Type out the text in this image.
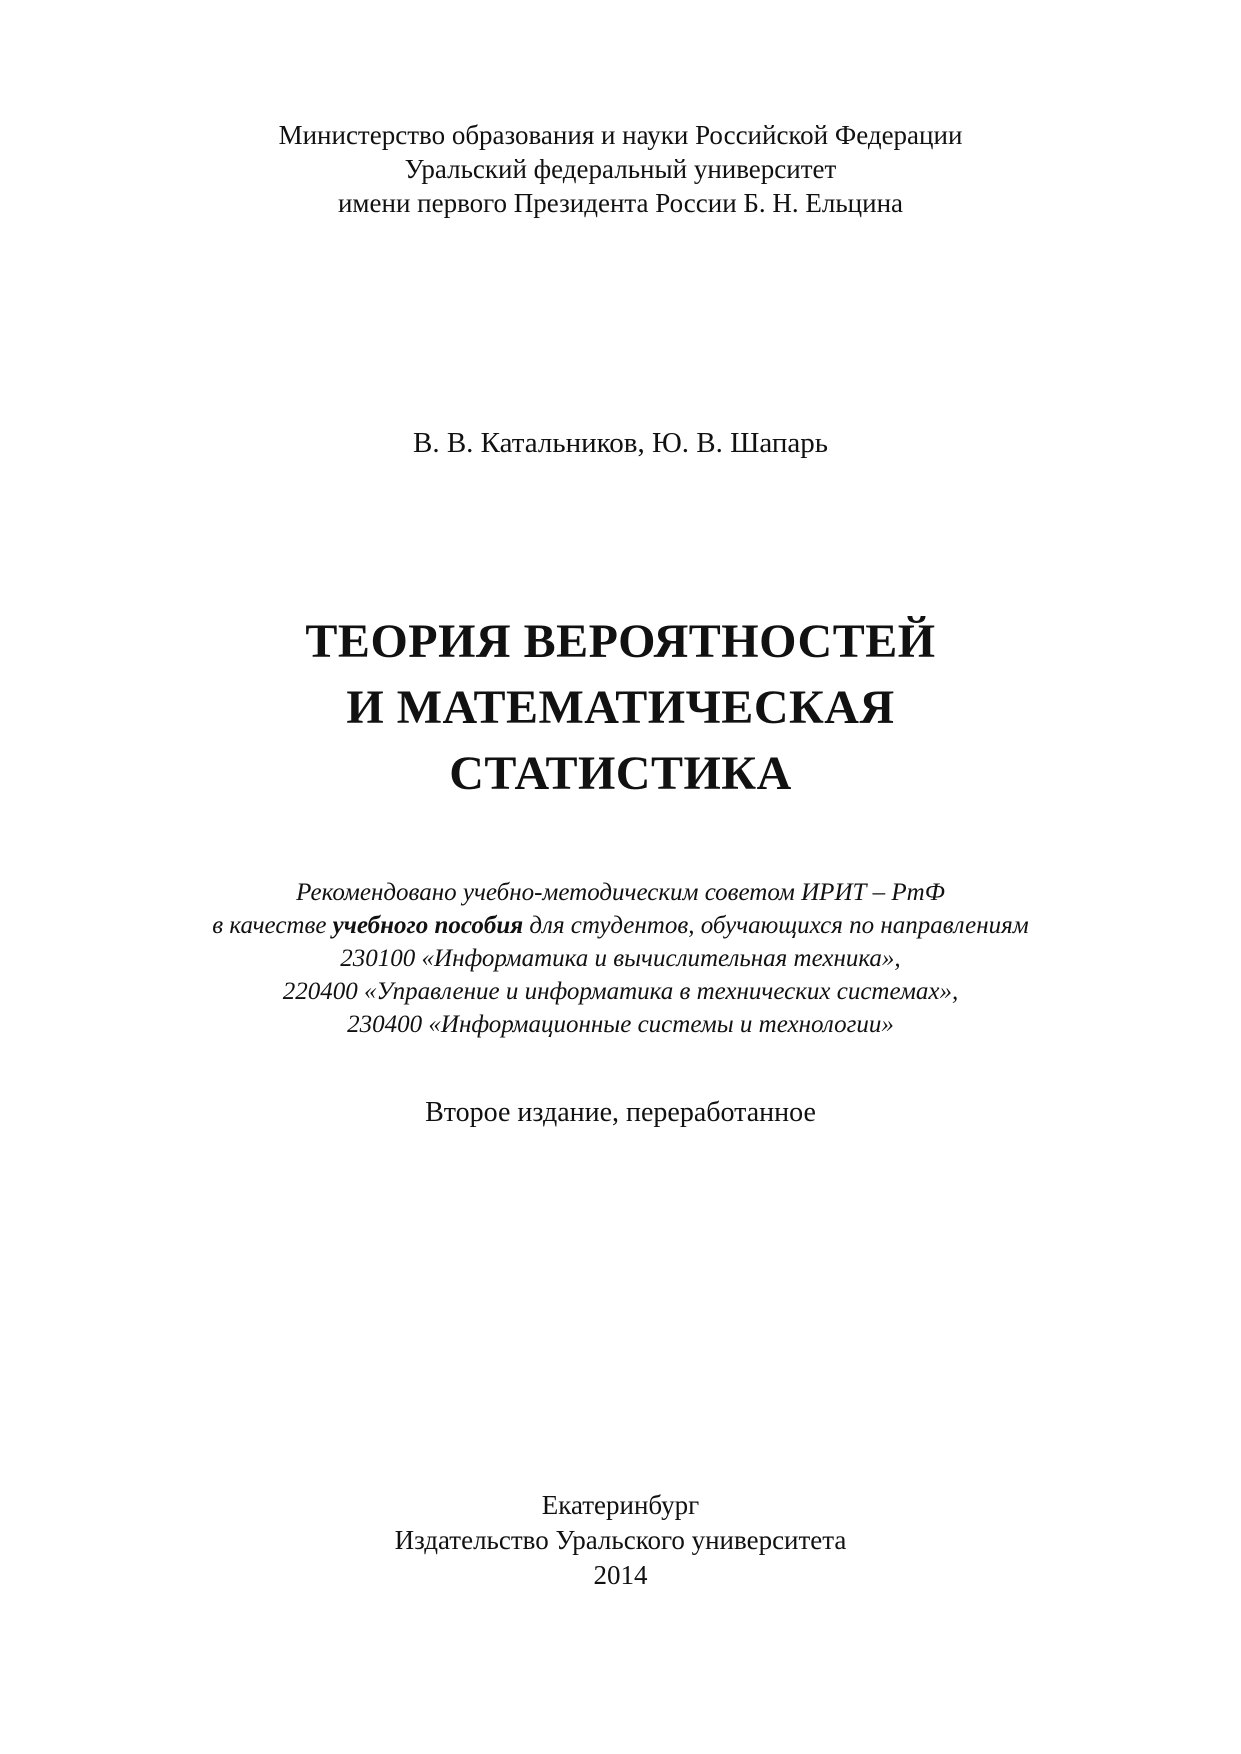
Министерство образования и науки Российской Федерации
Уральский федеральный университет
имени первого Президента России Б. Н. Ельцина
В. В. Катальников, Ю. В. Шапарь
ТЕОРИЯ ВЕРОЯТНОСТЕЙ
И МАТЕМАТИЧЕСКАЯ
СТАТИСТИКА
Рекомендовано учебно-методическим советом ИРИТ – РтФ
в качестве учебного пособия для студентов, обучающихся по направлениям
230100 «Информатика и вычислительная техника»,
220400 «Управление и информатика в технических системах»,
230400 «Информационные системы и технологии»
Второе издание, переработанное
Екатеринбург
Издательство Уральского университета
2014
